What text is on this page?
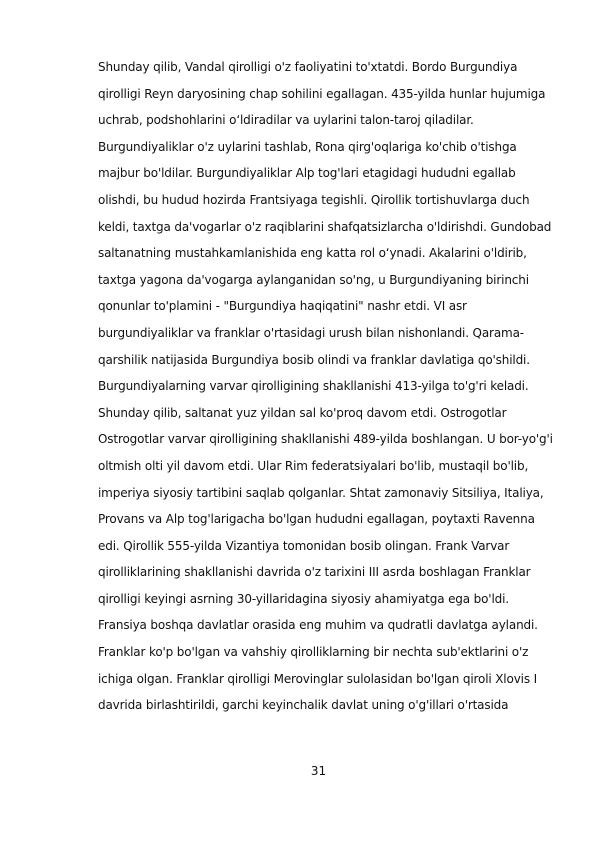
Shunday qilib, Vandal qirolligi o'z faoliyatini to'xtatdi. Bordo Burgundiya
qirolligi Reyn daryosining chap sohilini egallagan. 435-yilda hunlar hujumiga
uchrab, podshohlarini o‘ldiradilar va uylarini talon-taroj qiladilar.
Burgundiyaliklar o'z uylarini tashlab, Rona qirg'oqlariga ko'chib o'tishga
majbur bo'ldilar. Burgundiyaliklar Alp tog'lari etagidagi hududni egallab
olishdi, bu hudud hozirda Frantsiyaga tegishli. Qirollik tortishuvlarga duch
keldi, taxtga da'vogarlar o'z raqiblarini shafqatsizlarcha o'ldirishdi. Gundobad
saltanatning mustahkamlanishida eng katta rol o‘ynadi. Akalarini o'ldirib,
taxtga yagona da'vogarga aylanganidan so'ng, u Burgundiyaning birinchi
qonunlar to'plamini - "Burgundiya haqiqatini" nashr etdi. VI asr
burgundiyaliklar va franklar o'rtasidagi urush bilan nishonlandi. Qarama-
qarshilik natijasida Burgundiya bosib olindi va franklar davlatiga qo'shildi.
Burgundiyalarning varvar qirolligining shakllanishi 413-yilga to'g'ri keladi.
Shunday qilib, saltanat yuz yildan sal ko'proq davom etdi. Ostrogotlar
Ostrogotlar varvar qirolligining shakllanishi 489-yilda boshlangan. U bor-yo'g'i
oltmish olti yil davom etdi. Ular Rim federatsiyalari bo'lib, mustaqil bo'lib,
imperiya siyosiy tartibini saqlab qolganlar. Shtat zamonaviy Sitsiliya, Italiya,
Provans va Alp tog'larigacha bo'lgan hududni egallagan, poytaxti Ravenna
edi. Qirollik 555-yilda Vizantiya tomonidan bosib olingan. Frank Varvar
qirolliklarining shakllanishi davrida o'z tarixini III asrda boshlagan Franklar
qirolligi keyingi asrning 30-yillaridagina siyosiy ahamiyatga ega bo'ldi.
Fransiya boshqa davlatlar orasida eng muhim va qudratli davlatga aylandi.
Franklar ko'p bo'lgan va vahshiy qirolliklarning bir nechta sub'ektlarini o'z
ichiga olgan. Franklar qirolligi Merovinglar sulolasidan bo'lgan qiroli Xlovis I
davrida birlashtirildi, garchi keyinchalik davlat uning o'g'illari o'rtasida
31
